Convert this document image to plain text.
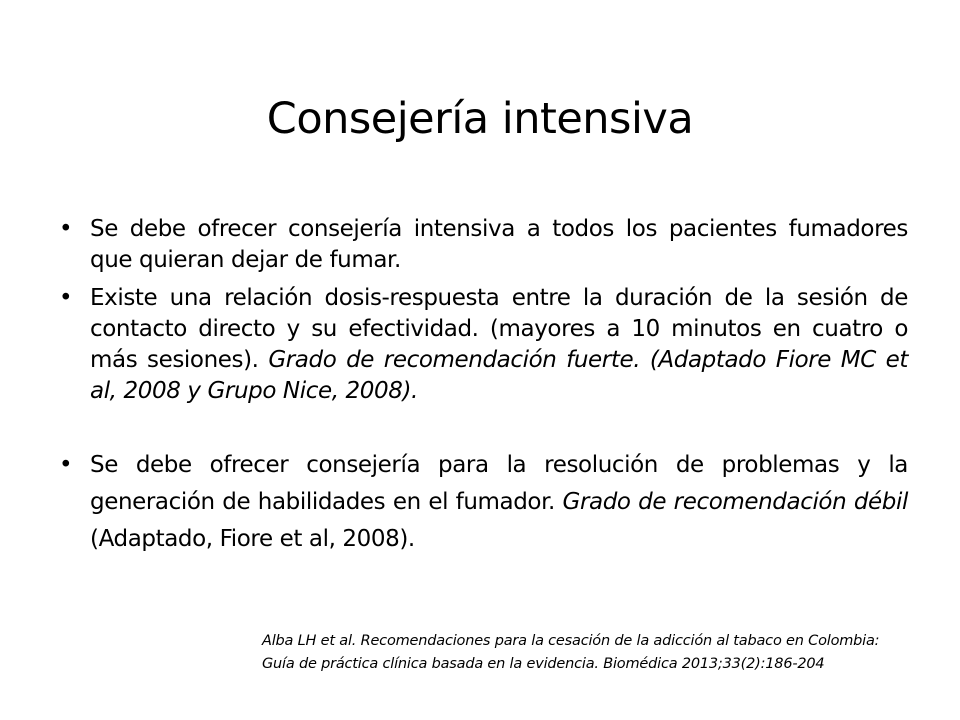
Consejería intensiva
• Se debe ofrecer consejería intensiva a todos los pacientes fumadores que quieran dejar de fumar.
• Existe una relación dosis-respuesta entre la duración de la sesión de contacto directo y su efectividad. (mayores a 10 minutos en cuatro o más sesiones). Grado de recomendación fuerte. (Adaptado Fiore MC et al, 2008 y Grupo Nice, 2008).
• Se debe ofrecer consejería para la resolución de problemas y la generación de habilidades en el fumador. Grado de recomendación débil (Adaptado, Fiore et al, 2008).
Alba LH et al. Recomendaciones para la cesación de la adicción al tabaco en Colombia:
Guía de práctica clínica basada en la evidencia. Biomédica 2013;33(2):186-204
